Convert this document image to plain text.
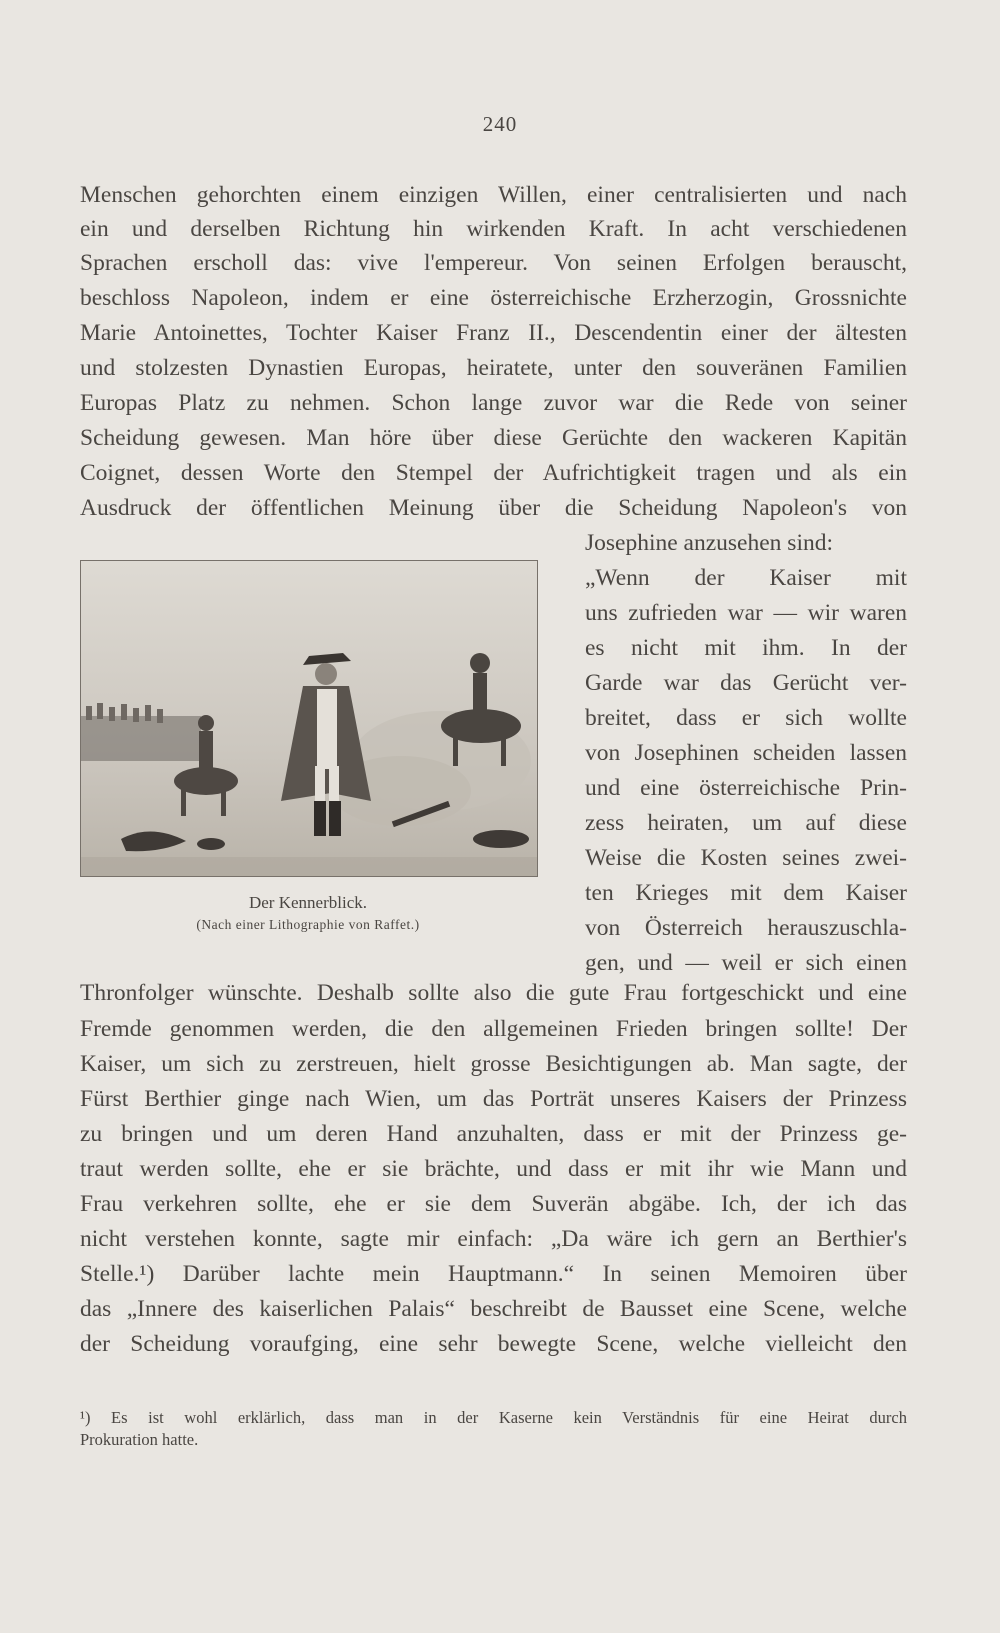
240
Menschen gehorchten einem einzigen Willen, einer centralisierten und nach
ein und derselben Richtung hin wirkenden Kraft. In acht verschiedenen
Sprachen erscholl das: vive l'empereur. Von seinen Erfolgen berauscht,
beschloss Napoleon, indem er eine österreichische Erzherzogin, Grossnichte
Marie Antoinettes, Tochter Kaiser Franz II., Descendentin einer der ältesten
und stolzesten Dynastien Europas, heiratete, unter den souveränen Familien
Europas Platz zu nehmen. Schon lange zuvor war die Rede von seiner
Scheidung gewesen. Man höre über diese Gerüchte den wackeren Kapitän
Coignet, dessen Worte den Stempel der Aufrichtigkeit tragen und als ein
Ausdruck der öffentlichen Meinung über die Scheidung Napoleon's von
Josephine anzusehen sind:
„Wenn der Kaiser mit
uns zufrieden war — wir waren
es nicht mit ihm. In der
Garde war das Gerücht ver-
breitet, dass er sich wollte
von Josephinen scheiden lassen
und eine österreichische Prin-
zess heiraten, um auf diese
Weise die Kosten seines zwei-
ten Krieges mit dem Kaiser
von Österreich herauszuschla-
gen, und — weil er sich einen
Der Kennerblick.
(Nach einer Lithographie von Raffet.)
Thronfolger wünschte. Deshalb sollte also die gute Frau fortgeschickt und eine
Fremde genommen werden, die den allgemeinen Frieden bringen sollte! Der
Kaiser, um sich zu zerstreuen, hielt grosse Besichtigungen ab. Man sagte, der
Fürst Berthier ginge nach Wien, um das Porträt unseres Kaisers der Prinzess
zu bringen und um deren Hand anzuhalten, dass er mit der Prinzess ge-
traut werden sollte, ehe er sie brächte, und dass er mit ihr wie Mann und
Frau verkehren sollte, ehe er sie dem Suverän abgäbe. Ich, der ich das
nicht verstehen konnte, sagte mir einfach: „Da wäre ich gern an Berthier's
Stelle.¹) Darüber lachte mein Hauptmann.“ In seinen Memoiren über
das „Innere des kaiserlichen Palais“ beschreibt de Bausset eine Scene, welche
der Scheidung voraufging, eine sehr bewegte Scene, welche vielleicht den
¹) Es ist wohl erklärlich, dass man in der Kaserne kein Verständnis für eine Heirat durch
Prokuration hatte.
